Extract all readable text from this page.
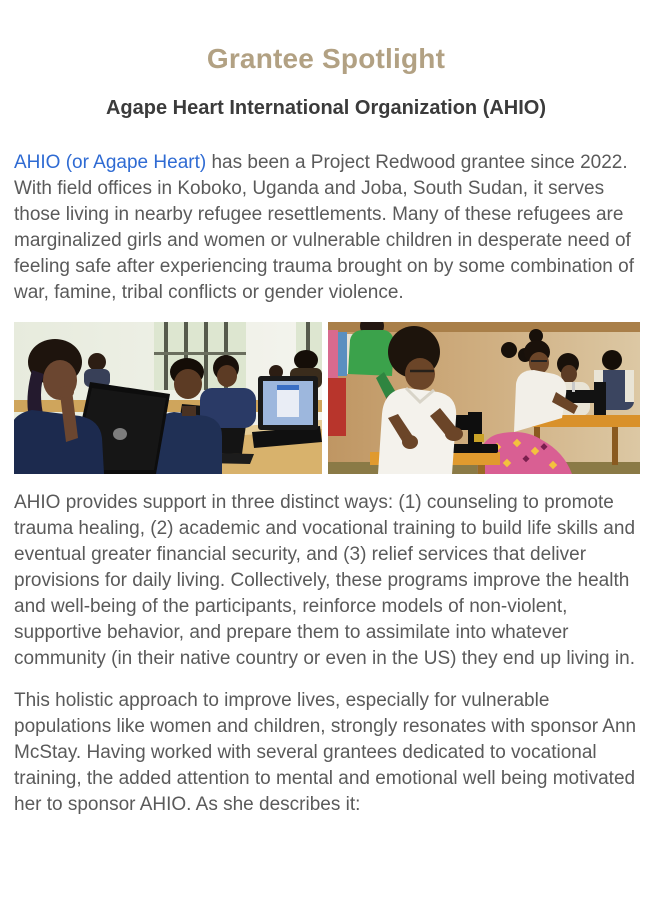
Grantee Spotlight
Agape Heart International Organization (AHIO)

AHIO (or Agape Heart) has been a Project Redwood grantee since 2022. With field offices in Koboko, Uganda and Joba, South Sudan, it serves those living in nearby refugee resettlements. Many of these refugees are marginalized girls and women or vulnerable children in desperate need of feeling safe after experiencing trauma brought on by some combination of war, famine, tribal conflicts or gender violence.

AHIO provides support in three distinct ways: (1) counseling to promote trauma healing, (2) academic and vocational training to build life skills and eventual greater financial security, and (3) relief services that deliver provisions for daily living. Collectively, these programs improve the health and well-being of the participants, reinforce models of non-violent, supportive behavior, and prepare them to assimilate into whatever community (in their native country or even in the US) they end up living in.

This holistic approach to improve lives, especially for vulnerable populations like women and children, strongly resonates with sponsor Ann McStay. Having worked with several grantees dedicated to vocational training, the added attention to mental and emotional well being motivated her to sponsor AHIO. As she describes it:
